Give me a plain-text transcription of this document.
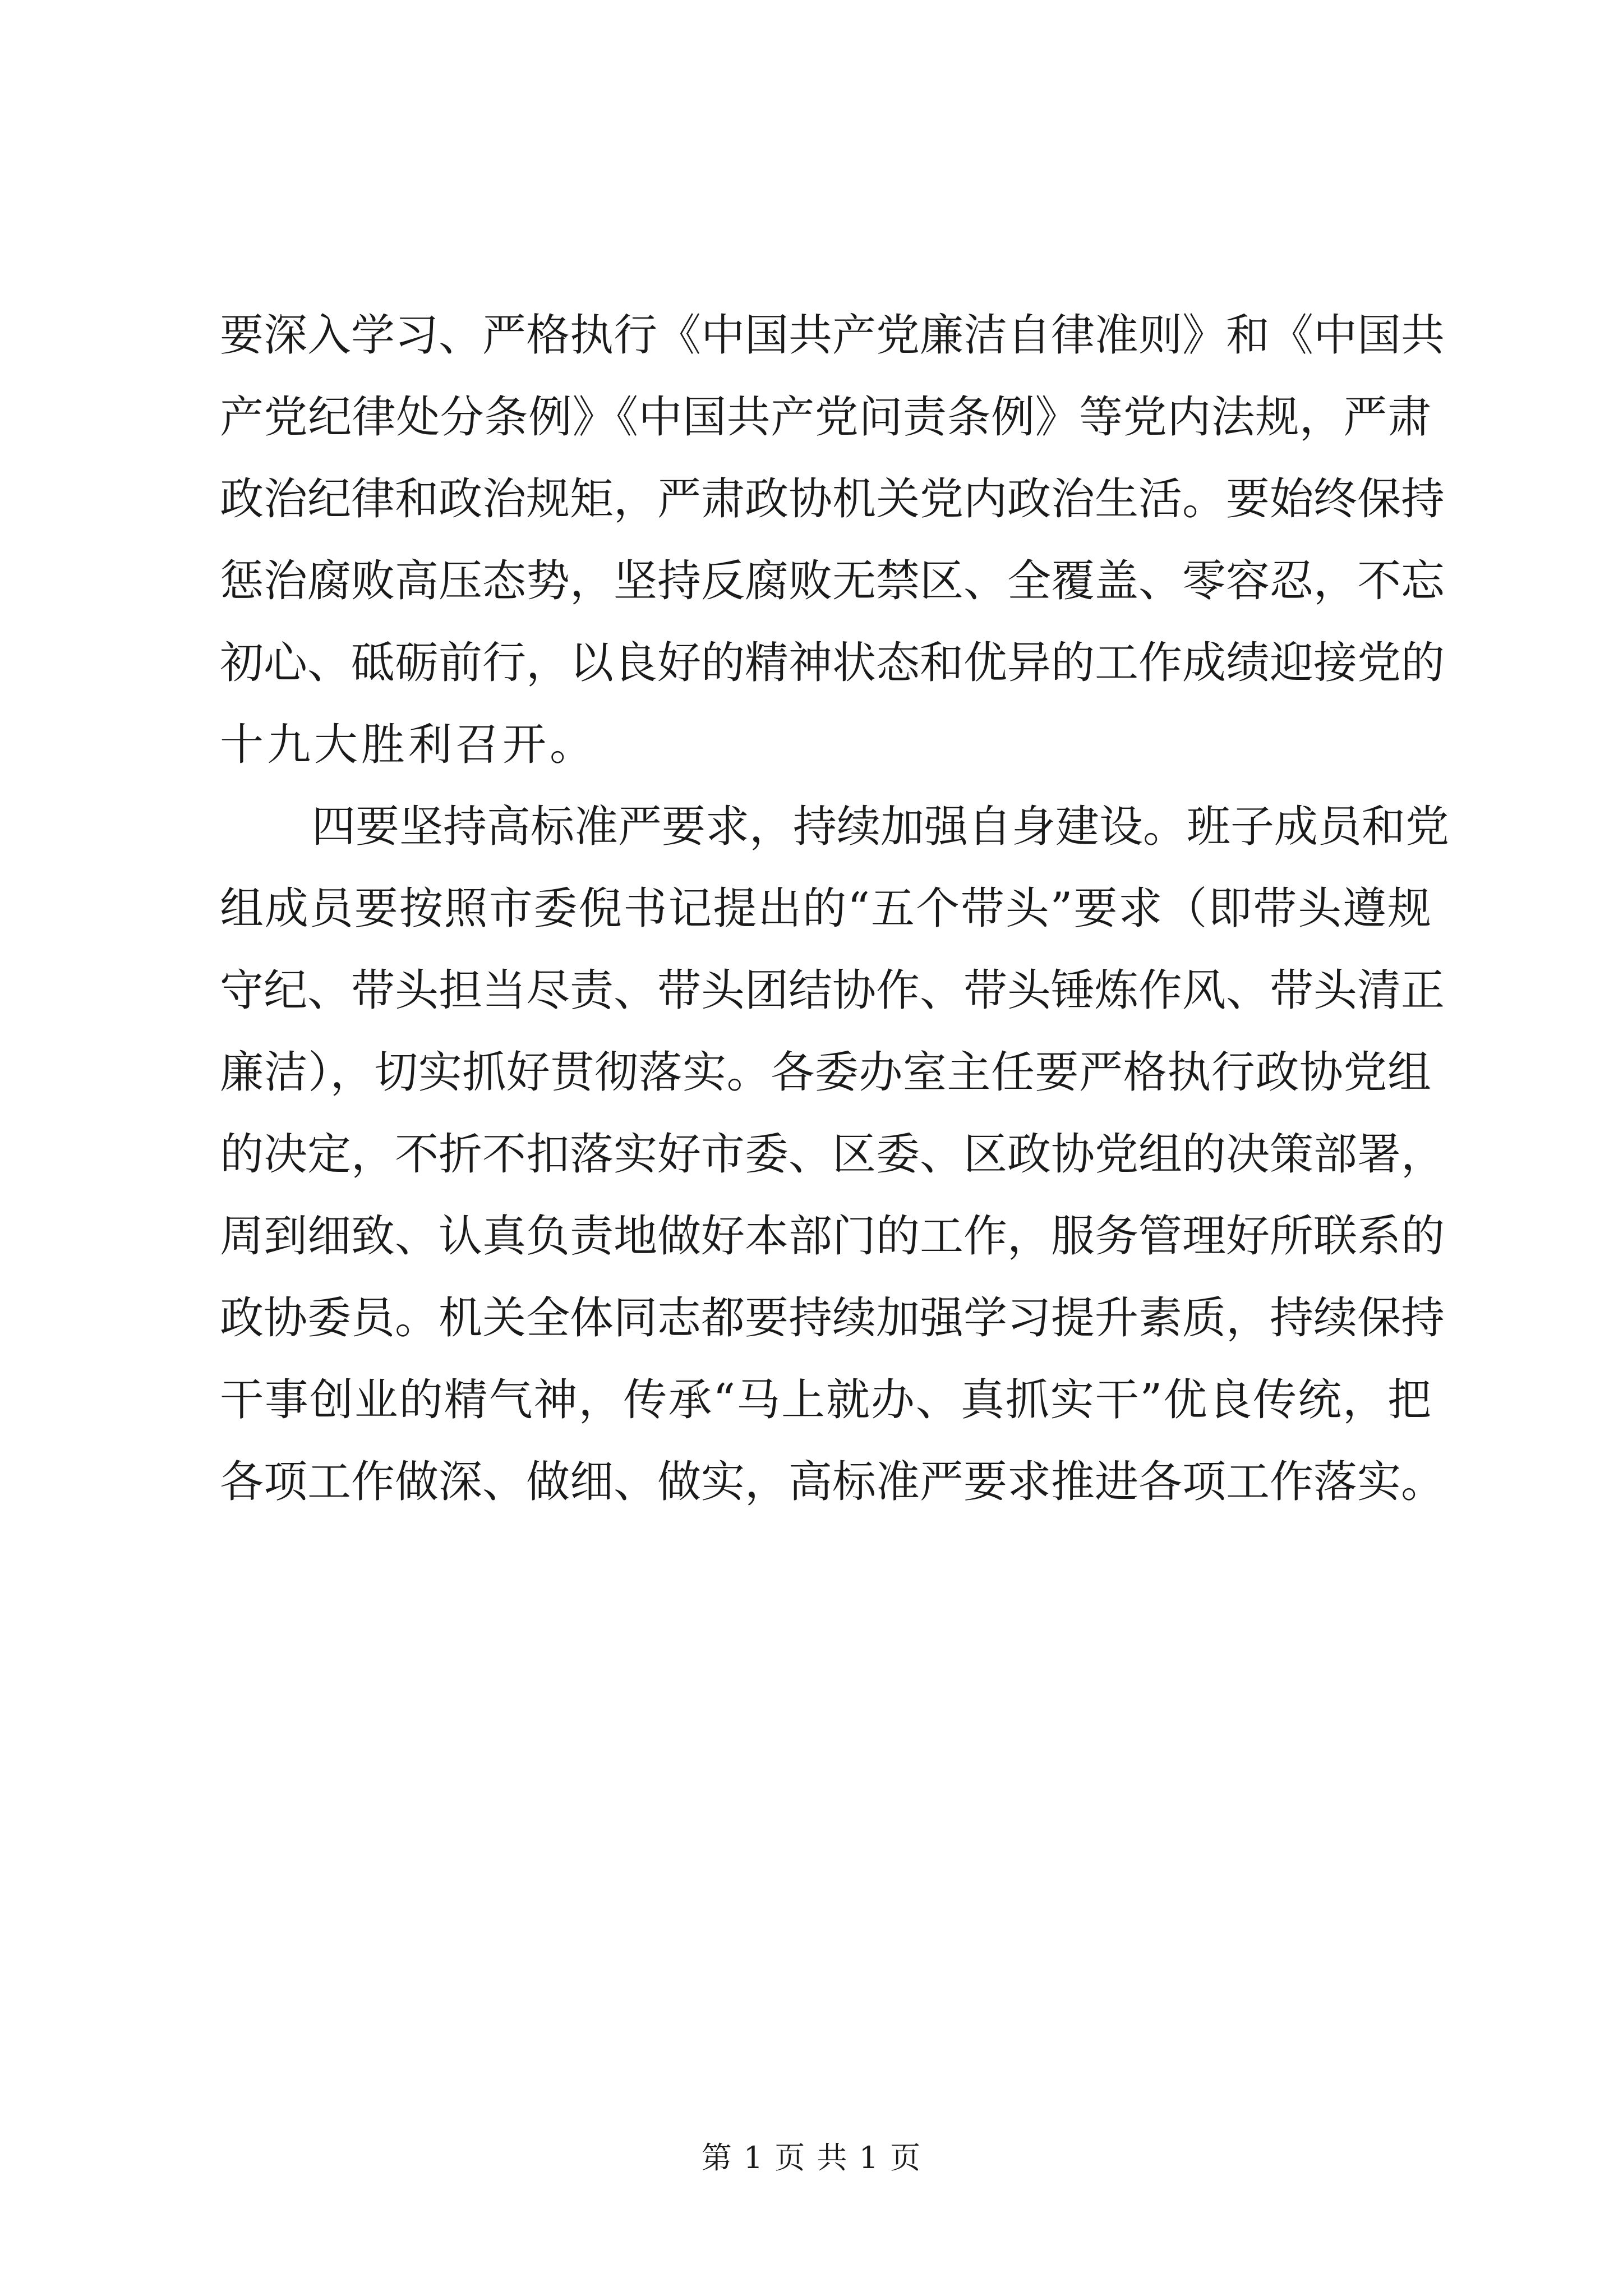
要深入学习、严格执行《中国共产党廉洁自律准则》和《中国共
产党纪律处分条例》《中国共产党问责条例》等党内法规，严肃
政治纪律和政治规矩，严肃政协机关党内政治生活。要始终保持
惩治腐败高压态势，坚持反腐败无禁区、全覆盖、零容忍，不忘
初心、砥砺前行，以良好的精神状态和优异的工作成绩迎接党的
十九大胜利召开。
四要坚持高标准严要求，持续加强自身建设。班子成员和党
组成员要按照市委倪书记提出的“五个带头”要求（即带头遵规
守纪、带头担当尽责、带头团结协作、带头锤炼作风、带头清正
廉洁），切实抓好贯彻落实。各委办室主任要严格执行政协党组
的决定，不折不扣落实好市委、区委、区政协党组的决策部署，
周到细致、认真负责地做好本部门的工作，服务管理好所联系的
政协委员。机关全体同志都要持续加强学习提升素质，持续保持
干事创业的精气神，传承“马上就办、真抓实干”优良传统，把
各项工作做深、做细、做实，高标准严要求推进各项工作落实。
第 1 页 共 1 页
